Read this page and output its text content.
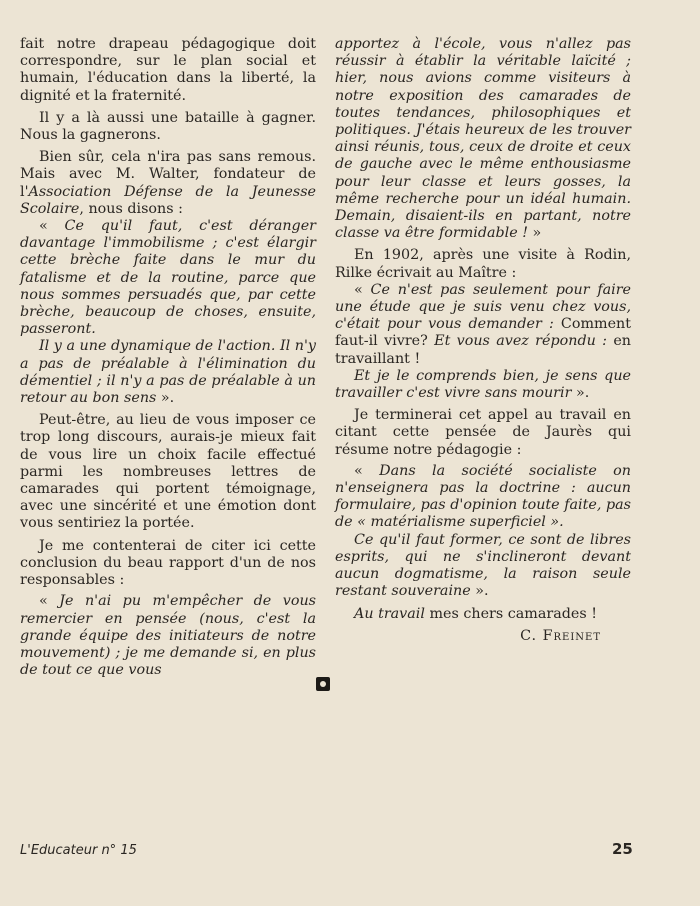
fait notre drapeau pédagogique doit correspondre, sur le plan social et humain, l'éducation dans la liberté, la dignité et la fraternité.

Il y a là aussi une bataille à gagner. Nous la gagnerons.

Bien sûr, cela n'ira pas sans remous. Mais avec M. Walter, fondateur de l'Association Défense de la Jeunesse Scolaire, nous disons :

« Ce qu'il faut, c'est déranger davantage l'immobilisme ; c'est élargir cette brèche faite dans le mur du fatalisme et de la routine, parce que nous sommes persuadés que, par cette brèche, beaucoup de choses, ensuite, passeront.

Il y a une dynamique de l'action. Il n'y a pas de préalable à l'élimination du démentiel ; il n'y a pas de préalable à un retour au bon sens ».

Peut-être, au lieu de vous imposer ce trop long discours, aurais-je mieux fait de vous lire un choix facile effectué parmi les nombreuses lettres de camarades qui portent témoignage, avec une sincérité et une émotion dont vous sentiriez la portée.

Je me contenterai de citer ici cette conclusion du beau rapport d'un de nos responsables :

« Je n'ai pu m'empêcher de vous remercier en pensée (nous, c'est la grande équipe des initiateurs de notre mouvement) ; je me demande si, en plus de tout ce que vous

apportez à l'école, vous n'allez pas réussir à établir la véritable laïcité ; hier, nous avions comme visiteurs à notre exposition des camarades de toutes tendances, philosophiques et politiques. J'étais heureux de les trouver ainsi réunis, tous, ceux de droite et ceux de gauche avec le même enthousiasme pour leur classe et leurs gosses, la même recherche pour un idéal humain. Demain, disaient-ils en partant, notre classe va être formidable ! »

En 1902, après une visite à Rodin, Rilke écrivait au Maître :

« Ce n'est pas seulement pour faire une étude que je suis venu chez vous, c'était pour vous demander : Comment faut-il vivre? Et vous avez répondu : en travaillant !

Et je le comprends bien, je sens que travailler c'est vivre sans mourir ».

Je terminerai cet appel au travail en citant cette pensée de Jaurès qui résume notre pédagogie :

« Dans la société socialiste on n'enseignera pas la doctrine : aucun formulaire, pas d'opinion toute faite, pas de « matérialisme superficiel ».

Ce qu'il faut former, ce sont de libres esprits, qui ne s'inclineront devant aucun dogmatisme, la raison seule restant souveraine ».

Au travail mes chers camarades !

C. Freinet

L'Educateur n° 15	25
